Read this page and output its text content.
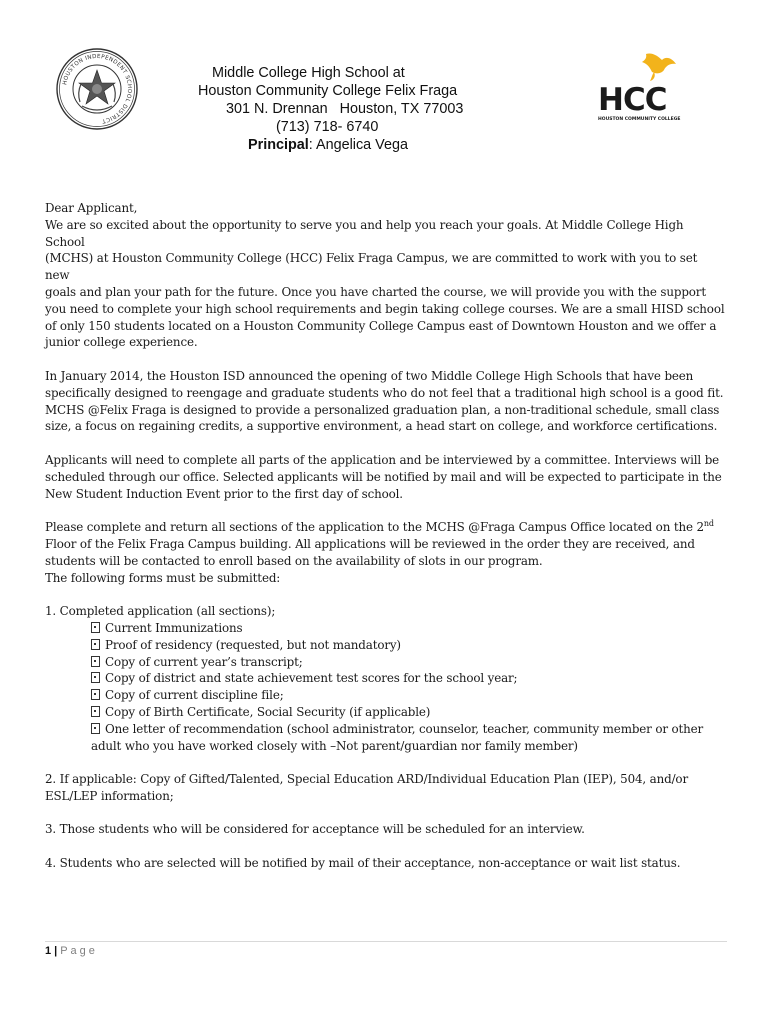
HOUSTON INDEPENDENT SCHOOL DISTRICT
Middle College High School at
Houston Community College Felix Fraga
301 N. Drennan   Houston, TX 77003
(713) 718- 6740
Principal: Angelica Vega
HCC
HOUSTON COMMUNITY COLLEGE

Dear Applicant,

We are so excited about the opportunity to serve you and help you reach your goals. At Middle College High School
(MCHS) at Houston Community College (HCC) Felix Fraga Campus, we are committed to work with you to set new
goals and plan your path for the future. Once you have charted the course, we will provide you with the support
you need to complete your high school requirements and begin taking college courses. We are a small HISD school
of only 150 students located on a Houston Community College Campus east of Downtown Houston and we offer a
junior college experience.

In January 2014, the Houston ISD announced the opening of two Middle College High Schools that have been
specifically designed to reengage and graduate students who do not feel that a traditional high school is a good fit.
MCHS @Felix Fraga is designed to provide a personalized graduation plan, a non-traditional schedule, small class
size, a focus on regaining credits, a supportive environment, a head start on college, and workforce certifications.

Applicants will need to complete all parts of the application and be interviewed by a committee. Interviews will be
scheduled through our office. Selected applicants will be notified by mail and will be expected to participate in the
New Student Induction Event prior to the first day of school.

Please complete and return all sections of the application to the MCHS @Fraga Campus Office located on the 2nd
Floor of the Felix Fraga Campus building. All applications will be reviewed in the order they are received, and
students will be contacted to enroll based on the availability of slots in our program.
The following forms must be submitted:

1. Completed application (all sections);

Current Immunizations

Proof of residency (requested, but not mandatory)

Copy of current year’s transcript;

Copy of district and state achievement test scores for the school year;

Copy of current discipline file;

Copy of Birth Certificate, Social Security (if applicable)

One letter of recommendation (school administrator, counselor, teacher, community member or other

adult who you have worked closely with –Not parent/guardian nor family member)

2. If applicable: Copy of Gifted/Talented, Special Education ARD/Individual Education Plan (IEP), 504, and/or
ESL/LEP information;

3. Those students who will be considered for acceptance will be scheduled for an interview.

4. Students who are selected will be notified by mail of their acceptance, non-acceptance or wait list status.

1 | Page
